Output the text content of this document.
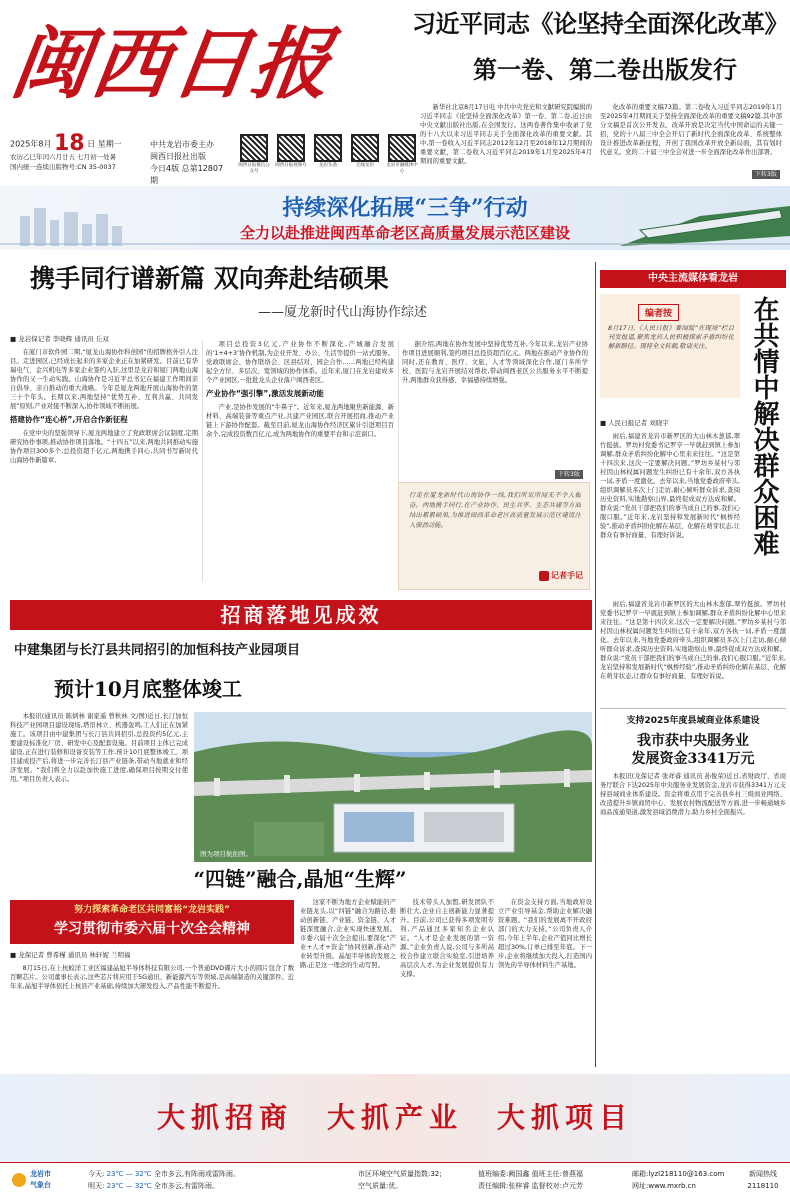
闽西日报
2025年8月 18 日 星期一
农历乙巳年闰六月廿五 七月初一处暑
国内统一连续出版物号:CN 35-0037
中共龙岩市委主办
闽西日报社出版
今日4版 总第12807期
闽西日报微信公众号
闽西日报视频号	龙岩头条	无线龙岩	龙岩市融媒体中心
习近平同志《论坚持全面深化改革》
第一卷、第二卷出版发行

新华社北京8月17日电 中共中央党史和文献研究院编辑的习近平同志《论坚持全面深化改革》第一卷、第二卷,近日由中央文献出版社出版,在全国发行。这两卷著作集中收录了党的十八大以来习近平同志关于全面深化改革的重要文献。其中,第一卷收入习近平同志2012年12月至2018年12月期间的重要文献，第二卷收入习近平同志2019年1月至2025年4月期间的重要文献。

化改革的重要文稿73篇。第二卷收入习近平同志2019年1月至2025年4月期间关于坚持全面深化改革的重要文稿92篇,其中部分文稿是首次公开发表。改革开放是决定当代中国命运的关键一招，党的十八届三中全会开启了新时代全面深化改革、系统整体设计推进改革新征程，开创了我国改革开放全新局面，其有划时代意义。党的二十届三中全会对进一步全面深化改革作出部署。

下转3版
持续深化拓展“三争”行动
全力以赴推进闽西革命老区高质量发展示范区建设
携手同行谱新篇 双向奔赴结硕果
——厦龙新时代山海协作综述
■ 龙岩保记者 李晓辉 通讯员 丘双

在厦门市软件园二期,“厦龙山海协作科创园”的招牌格外引人注目。走进园区,已经成长起来的多家企业正在加紧研发。目前已有华瑞电气、金兴机电等多家企业签约入驻,这里是龙岩和厦门两地山海协作的又一生动实践。山海协作是习近平总书记在福建工作期间亲自倡导、亲自推动的重大战略。今年是厦龙两地开展山海协作的第三十个年头。长期以来,两地坚持“优势互补、互利共赢、共同发展”原则,产业对接不断深入,协作领域不断拓展。

搭建协作“连心桥”,开启合作新征程

在党中央的坚强领导下,厦龙两地建立了党政联席会议制度,定期研究协作事项,推动协作项目落地。“十四五”以来,两地共同推动实施协作项目300多个,总投资超千亿元,两地携手同心,共同书写新时代山海协作新篇章。

项目总投资3亿元,产业协作不断深化,产城融合发展的‘1+4+3’协作机制,为企业开发、办公、生活等提供一站式服务。党政联席会、协作联络会、区县结对、园企合作……两地已经构建起全方位、多层次、宽领域的协作体系。近年来,厦门在龙岩建成多个产业园区,一批批龙头企业落户闽西老区。

产业协作“强引擎”,激活发展新动能

产业,是协作发展的“牛鼻子”。近年来,厦龙两地聚焦新能源、新材料、高端装备等重点产业,共建产业园区,联合开展招商,推动产业链上下游协作配套。截至目前,厦龙山海协作经济区累计引进项目百余个,完成投资数百亿元,成为两地协作的重要平台和示范窗口。

据介绍,两地在协作发展中坚持优势互补,今年以来,龙岩产业协作项目进展顺利,签约项目总投资超百亿元。两地在推动产业协作的同时,还在教育、医疗、文旅、人才等领域深化合作,厦门多所学校、医院与龙岩开展结对帮扶,带动闽西老区公共服务水平不断提升,两地群众获得感、幸福感持续增强。

下转3版
行走在厦龙新时代山海协作一线,我们所见所闻无不令人振奋。两地携手同行,在产业协作、民生共享、生态共建等方面结出累累硕果,为推进闽西革命老区高质量发展示范区建设注入强劲动能。
记者手记
中央主流媒体看龙岩
编者按
8月17日,《人民日报》要闻版“在现场”栏目刊发报道,聚焦龙岩人民积极探索矛盾纠纷化解新路径。现将全文转载,敬请关注。	在共情中解决群众困难
■ 人民日报记者 刘晓宇

雨后,福建省龙岩市新罗区的大山林木葱郁,翠竹挺拔。罗坊村党委书记罗亨一早就赶到镇上参加调解,群众矛盾纠纷化解中心里来来往往。“这是第十四次来,这次一定要解决问题。”罗坊乡某村与邻村因山林权属问题发生纠纷已有十余年,双方各执一词,矛盾一度激化。去年以来,当地党委政府牵头,组织调解员多次上门走访,耐心倾听群众诉求,查阅历史资料,实地勘察山界,最终促成双方达成和解。群众说:“党员干部把我们的事当成自己的事,我们心服口服。”近年来,龙岩坚持和发展新时代“枫桥经验”,推动矛盾纠纷化解在基层、化解在萌芽状态,让群众有事好商量、有理好诉说。

雨后,福建省龙岩市新罗区的大山林木葱郁,翠竹挺拔。罗坊村党委书记罗亨一早就赶到镇上参加调解,群众矛盾纠纷化解中心里来来往往。“这是第十四次来,这次一定要解决问题。”罗坊乡某村与邻村因山林权属问题发生纠纷已有十余年,双方各执一词,矛盾一度激化。去年以来,当地党委政府牵头,组织调解员多次上门走访,耐心倾听群众诉求,查阅历史资料,实地勘察山界,最终促成双方达成和解。群众说:“党员干部把我们的事当成自己的事,我们心服口服。”近年来,龙岩坚持和发展新时代“枫桥经验”,推动矛盾纠纷化解在基层、化解在萌芽状态,让群众有事好商量、有理好诉说。

支持2025年度县域商业体系建设
我市获中央服务业
发展资金3341万元

本报讯(龙保记者 张祥睿 通讯员 孙俊荣)近日,省财政厅、省商务厅联合下达2025年中央服务业发展资金,龙岩市获得3341万元支持县域商业体系建设。资金将重点用于完善县乡村三级商业网络、改造提升乡镇商贸中心、发展农村物流配送等方面,进一步畅通城乡商品流通渠道,激发县域消费潜力,助力乡村全面振兴。

招商落地见成效
中建集团与长汀县共同招引的加恒科技产业园项目
预计10月底整体竣工

本报讯(通讯员 陈炳林 谢家遥 曾秋林 文/图)近日,长汀加恒科技产业园项目建设现场,塔吊林立、机器轰鸣,工人们正在加紧施工。该项目由中建集团与长汀县共同招引,总投资约5亿元,主要建设标准化厂房、研发中心及配套设施。目前项目主体已完成建设,正在进行装修和设备安装等工作,预计10月底整体竣工。项目建成投产后,将进一步完善长汀县产业链条,带动当地就业和经济发展。“我们将全力以赴加快施工进度,确保项目按期交付使用。”项目负责人表示。

图为项目航拍图。
“四链”融合,晶旭“生辉”
努力探索革命老区共同富裕“龙岩实践”
学习贯彻市委六届十次全会精神
■ 龙保记者 曾希槿 通讯员 林轩妮 兰明福

8月15日,在上杭蛟洋工业区福建晶旭半导体科技有限公司,一个普通DVD碟片大小的圆片包含了数百颗芯片。公司董事长表示,这些芯片将应用于5G通讯、新能源汽车等领域,是高端制造的关键部件。近年来,晶旭半导体依托上杭县产业基础,持续加大研发投入,产品性能不断提升。

这家不断为地方企业赋能的产业链龙头,以“四链”融合为路径,推动创新链、产业链、资金链、人才链深度融合,企业实现快速发展。市委六届十次全会提出,要深化“产业+人才+资金”协同创新,推动产业转型升级。晶旭半导体的发展之路,正是这一理念的生动写照。

技术带头人加盟,研发团队不断壮大,企业自主创新能力显著提升。目前,公司已获得多项发明专利,产品通过多家知名企业认证。“人才是企业发展的第一资源。”企业负责人说,公司与多所高校合作建立联合实验室,引进培养高层次人才,为企业发展提供有力支撑。

在资金支持方面,当地政府设立产业引导基金,帮助企业解决融资难题。“我们的发展离不开政府部门的大力支持。”公司负责人介绍,今年上半年,企业产值同比增长超过30%,订单已排至年底。下一步,企业将继续加大投入,打造国内领先的半导体材料生产基地。

大抓招商 大抓产业 大抓项目
龙岩市
气象台
今天: 23℃ — 32℃ 全市多云,有阵雨或雷阵雨。
明天: 23℃ — 32℃ 全市多云,有雷阵雨。
市区环境空气质量指数:32;
空气质量:优。
值班编委:阙国鑫 值班主任:曾燕福
责任编辑:张梓睿 监督校对:卢元芳
邮箱:lyzl218110@163.com
网址:www.mxrb.cn
新闻热线
2118110
